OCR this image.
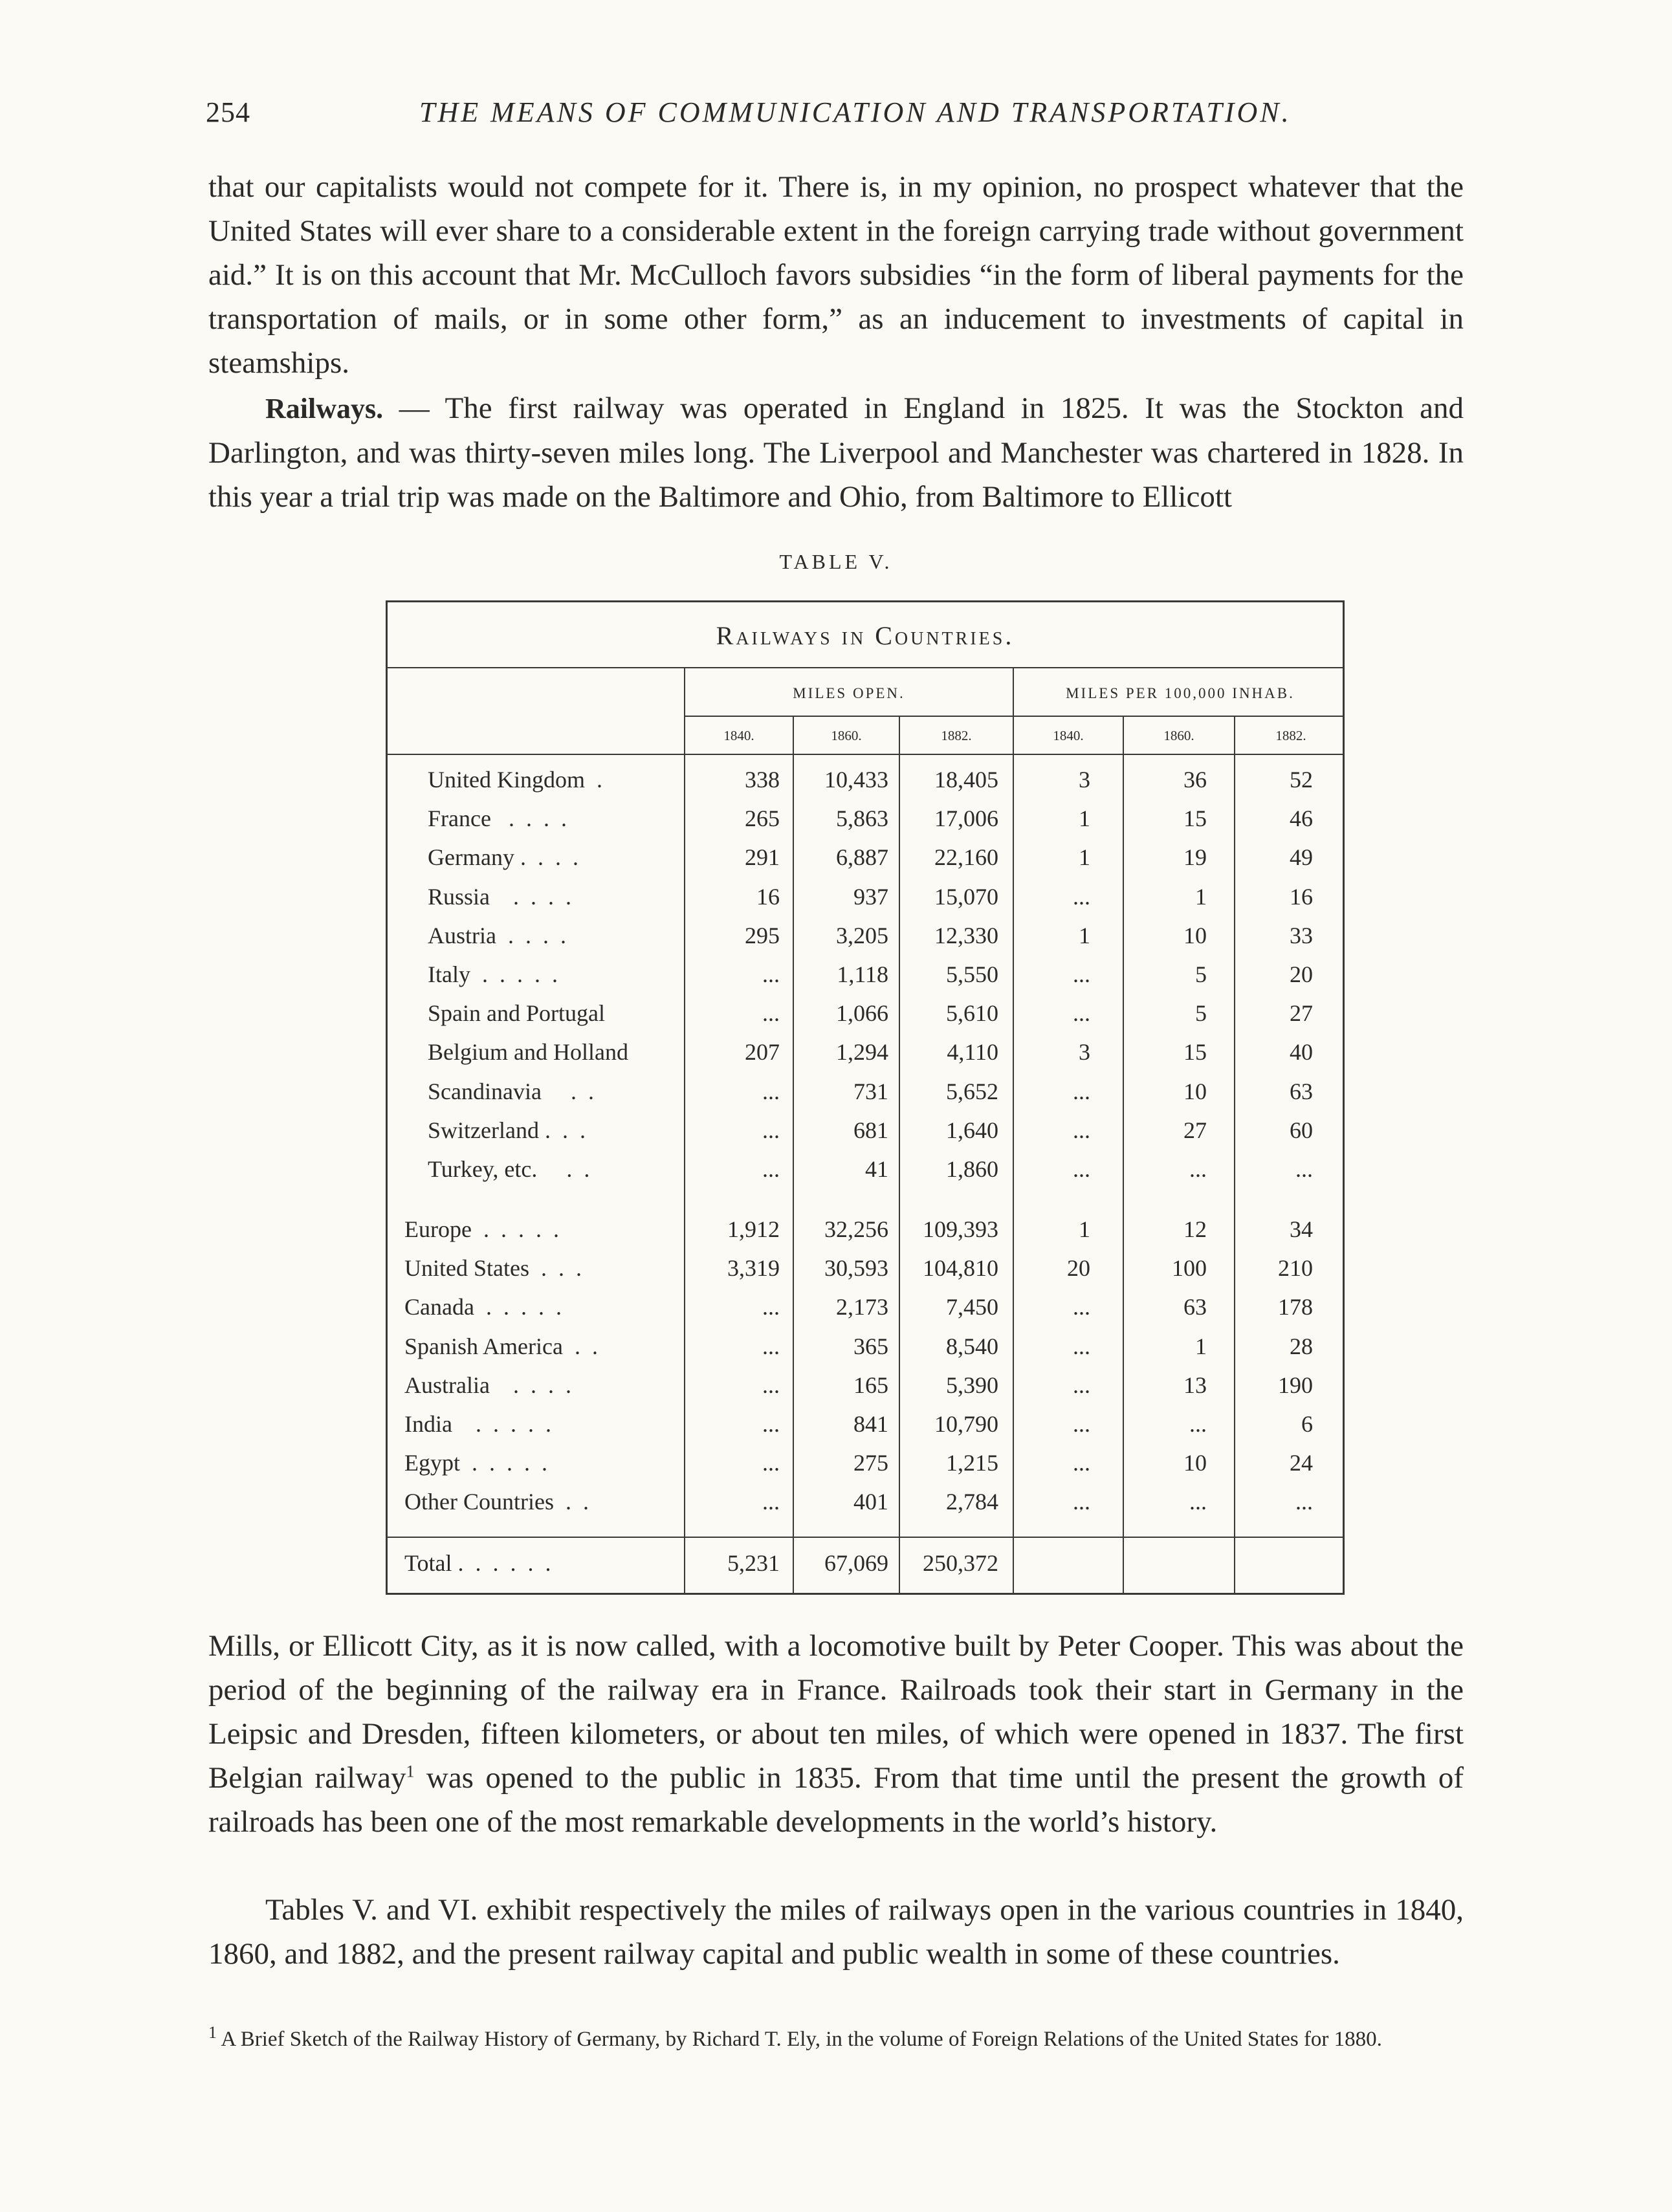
254	THE MEANS OF COMMUNICATION AND TRANSPORTATION.

that our capitalists would not compete for it. There is, in my opinion, no prospect whatever that the United States will ever share to a considerable extent in the foreign carrying trade without government aid.” It is on this account that Mr. McCulloch favors subsidies “in the form of liberal payments for the transportation of mails, or in some other form,” as an inducement to investments of capital in steamships.

Railways. — The first railway was operated in England in 1825. It was the Stockton and Darlington, and was thirty-seven miles long. The Liverpool and Manchester was chartered in 1828. In this year a trial trip was made on the Baltimore and Ohio, from Baltimore to Ellicott

TABLE V.
Railways in Countries.
MILES OPEN.	MILES PER 100,000 INHAB.
1840.	1860.	1882.	1840.	1860.	1882.
United Kingdom  .	338	10,433	18,405	3	36	52
France   .  .  .  .	265	5,863	17,006	1	15	46
Germany .  .  .  .	291	6,887	22,160	1	19	49
Russia    .  .  .  .	16	937	15,070	...	1	16
Austria  .  .  .  .	295	3,205	12,330	1	10	33
Italy  .  .  .  .  .	...	1,118	5,550	...	5	20
Spain and Portugal	...	1,066	5,610	...	5	27
Belgium and Holland	207	1,294	4,110	3	15	40
Scandinavia     .  .	...	731	5,652	...	10	63
Switzerland .  .  .	...	681	1,640	...	27	60
Turkey, etc.     .  .	...	41	1,860	...	...	...
Europe  .  .  .  .  .	1,912	32,256	109,393	1	12	34
United States  .  .  .	3,319	30,593	104,810	20	100	210
Canada  .  .  .  .  .	...	2,173	7,450	...	63	178
Spanish America  .  .	...	365	8,540	...	1	28
Australia    .  .  .  .	...	165	5,390	...	13	190
India    .  .  .  .  .	...	841	10,790	...	...	6
Egypt  .  .  .  .  .	...	275	1,215	...	10	24
Other Countries  .  .	...	401	2,784	...	...	...
Total .  .  .  .  .  .	5,231	67,069	250,372

Mills, or Ellicott City, as it is now called, with a locomotive built by Peter Cooper. This was about the period of the beginning of the railway era in France. Railroads took their start in Germany in the Leipsic and Dresden, fifteen kilometers, or about ten miles, of which were opened in 1837. The first Belgian railway$^1$ was opened to the public in 1835. From that time until the present the growth of railroads has been one of the most remarkable developments in the world’s history.

Tables V. and VI. exhibit respectively the miles of railways open in the various countries in 1840, 1860, and 1882, and the present railway capital and public wealth in some of these countries.

$^1$ A Brief Sketch of the Railway History of Germany, by Richard T. Ely, in the volume of Foreign Relations of the United States for 1880.
